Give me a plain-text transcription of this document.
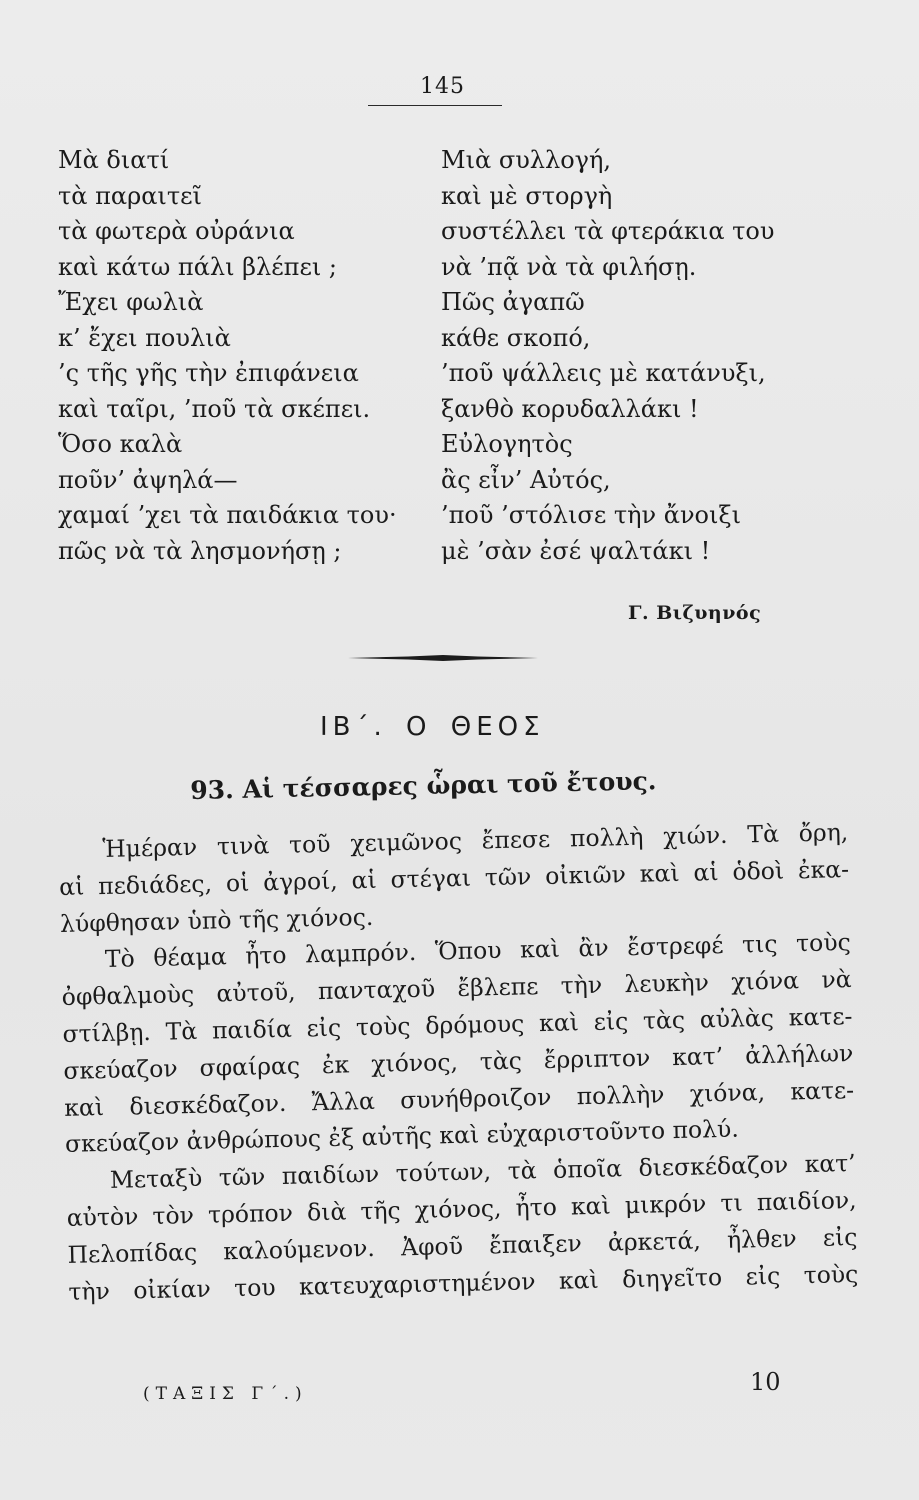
145
Μὰ διατί
τὰ παραιτεῖ
τὰ φωτερὰ οὐράνια
καὶ κάτω πάλι βλέπει ;
Ἔχει φωλιὰ
κ’ ἔχει πουλιὰ
’ς τῆς γῆς τὴν ἐπιφάνεια
καὶ ταῖρι, ’ποῦ τὰ σκέπει.
Ὅσο καλὰ
ποῦν’ ἀψηλά—
χαμαί ’χει τὰ παιδάκια του·
πῶς νὰ τὰ λησμονήσῃ ;
Μιὰ συλλογή,
καὶ μὲ στοργὴ
συστέλλει τὰ φτεράκια του
νὰ ’πᾷ νὰ τὰ φιλήσῃ.
Πῶς ἀγαπῶ
κάθε σκοπό,
’ποῦ ψάλλεις μὲ κατάνυξι,
ξανθὸ κορυδαλλάκι !
Εὐλογητὸς
ἂς εἶν’ Αὐτός,
’ποῦ ’στόλισε τὴν ἄνοιξι
μὲ ’σὰν ἐσέ ψαλτάκι !
Γ. Βιζυηνός
ΙΒ΄. Ο ΘΕΟΣ
93. Αἱ τέσσαρες ὧραι τοῦ ἔτους.
Ἡμέραν τινὰ τοῦ χειμῶνος ἔπεσε πολλὴ χιών. Τὰ ὄρη,
αἱ πεδιάδες, οἱ ἀγροί, αἱ στέγαι τῶν οἰκιῶν καὶ αἱ ὁδοὶ ἐκα-
λύφθησαν ὑπὸ τῆς χιόνος.
Τὸ θέαμα ἦτο λαμπρόν. Ὅπου καὶ ἂν ἔστρεφέ τις τοὺς
ὀφθαλμοὺς αὐτοῦ, πανταχοῦ ἔβλεπε τὴν λευκὴν χιόνα νὰ
στίλβῃ. Τὰ παιδία εἰς τοὺς δρόμους καὶ εἰς τὰς αὐλὰς κατε-
σκεύαζον σφαίρας ἐκ χιόνος, τὰς ἔρριπτον κατ’ ἀλλήλων
καὶ διεσκέδαζον. Ἄλλα συνήθροιζον πολλὴν χιόνα, κατε-
σκεύαζον ἀνθρώπους ἐξ αὐτῆς καὶ εὐχαριστοῦντο πολύ.
Μεταξὺ τῶν παιδίων τούτων, τὰ ὁποῖα διεσκέδαζον κατ’
αὐτὸν τὸν τρόπον διὰ τῆς χιόνος, ἦτο καὶ μικρόν τι παιδίον,
Πελοπίδας καλούμενον. Ἀφοῦ ἔπαιξεν ἀρκετά, ἦλθεν εἰς
τὴν οἰκίαν του κατευχαριστημένον καὶ διηγεῖτο εἰς τοὺς
(ΤΑΞΙΣ Γ΄.)	10
